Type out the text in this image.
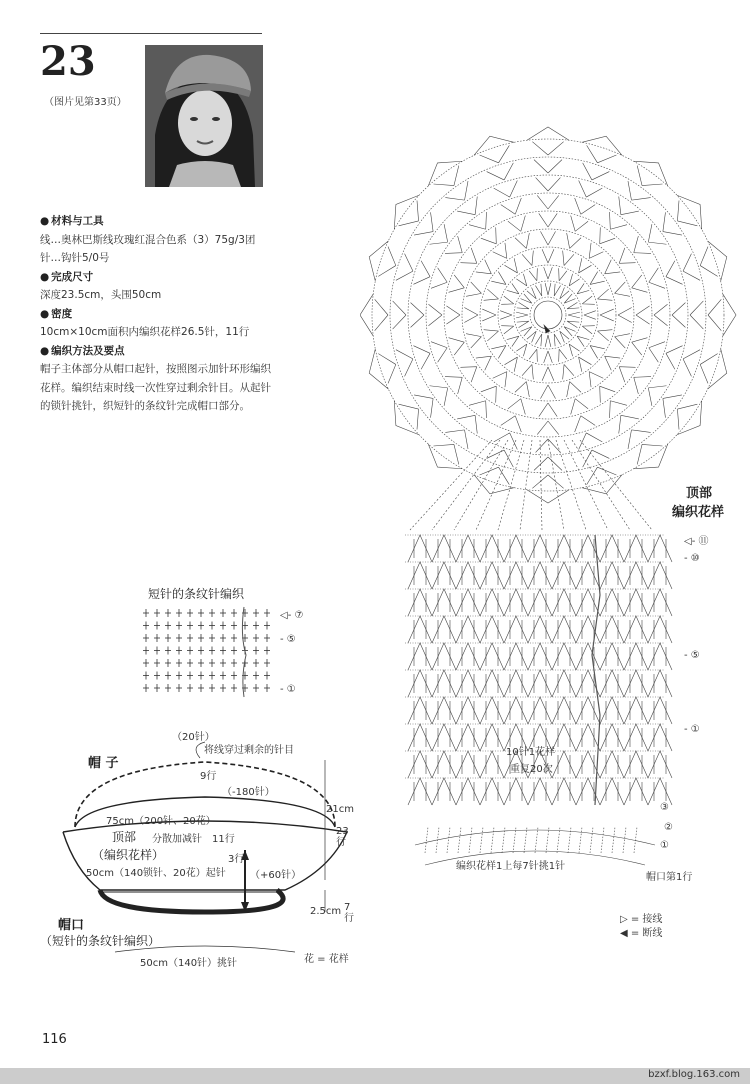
23
（图片见第33页）
● 材料与工具
线…奥林巴斯线玫瑰红混合色系（3）75g/3团
针…钩针5/0号
● 完成尺寸
深度23.5cm，头围50cm
● 密度
10cm×10cm面积内编织花样26.5针，11行
● 编织方法及要点
帽子主体部分从帽口起针，按照图示加针环形编织花样。编织结束时线一次性穿过剩余针目。从起针的锁针挑针，织短针的条纹针完成帽口部分。
顶部
编织花样
◁- ⑪
- ⑩
- ⑤
- ①
10针1花样
重复20次
③
②
①
编织花样1上每7针挑1针
帽口第1行
▷ = 接线
◀ = 断线
短针的条纹针编织
◁- ⑦
- ⑤
- ①
帽 子
（20针）
将线穿过剩余的针目
9行
（-180针）
75cm（200针、20花）
顶部 分散加减针
（编织花样）
11行
3行
（+60针）
50cm（140锁针、20花）起针
21cm
23行
2.5cm 7行
帽口
（短针的条纹针编织）
50cm（140针）挑针	花 = 花样
116
bzxf.blog.163.com
